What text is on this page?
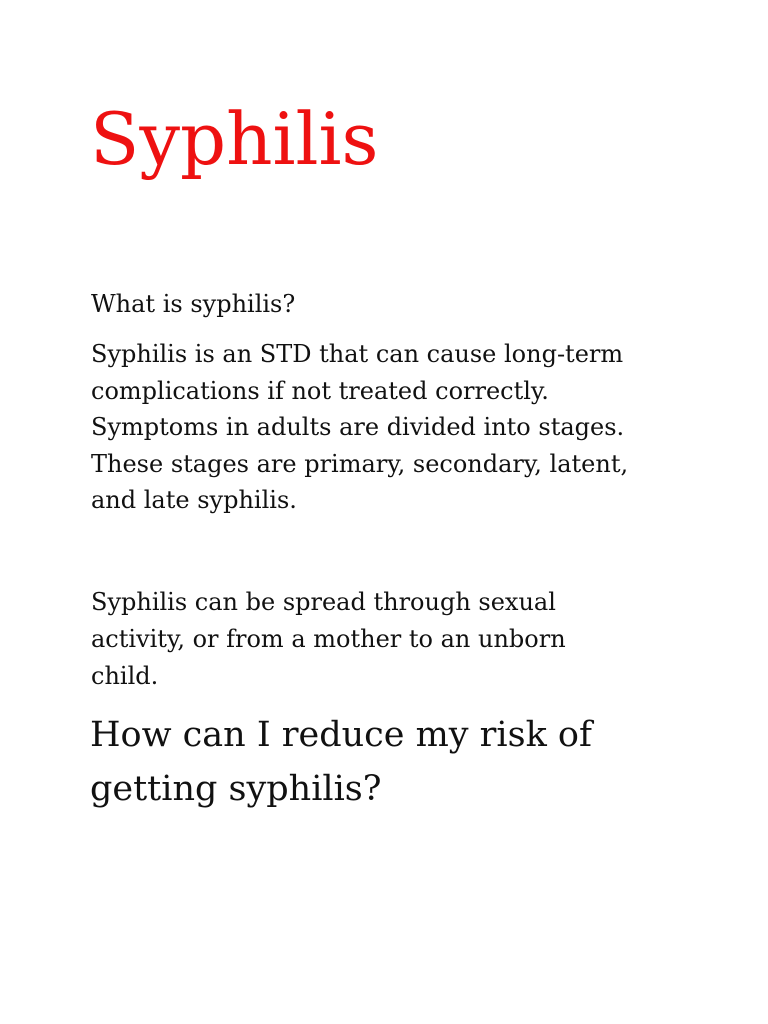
Syphilis

What is syphilis?

Syphilis is an STD that can cause long-term
complications if not treated correctly.
Symptoms in adults are divided into stages.
These stages are primary, secondary, latent,
and late syphilis.

Syphilis can be spread through sexual
activity, or from a mother to an unborn
child.

How can I reduce my risk of
getting syphilis?
